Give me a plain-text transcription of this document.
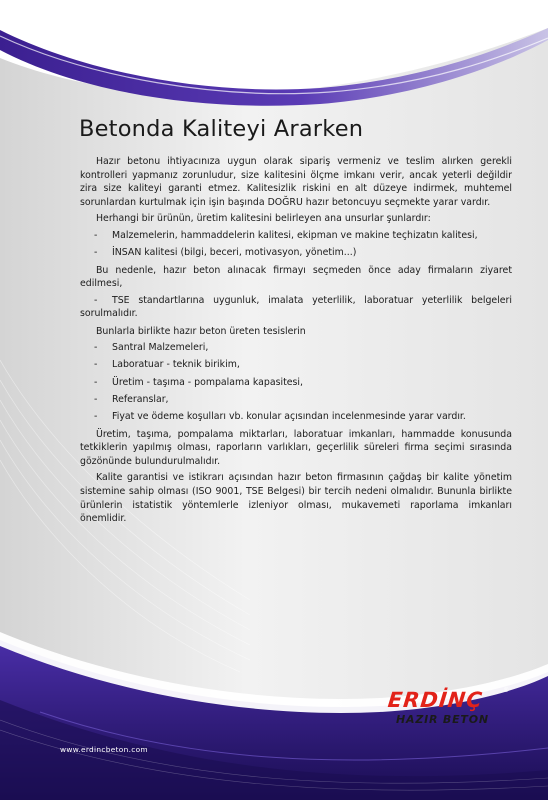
Betonda Kaliteyi Ararken

Hazır betonu ihtiyacınıza uygun olarak sipariş vermeniz ve teslim alırken gerekli kontrolleri yapmanız zorunludur, size kalitesini ölçme imkanı verir, ancak yeterli değildir zira size kaliteyi garanti etmez. Kalitesizlik riskini en alt düzeye indirmek, muhtemel sorunlardan kurtulmak için işin başında DOĞRU hazır betoncuyu seçmekte yarar vardır.

Herhangi bir ürünün, üretim kalitesini belirleyen ana unsurlar şunlardır:

- Malzemelerin, hammaddelerin kalitesi, ekipman ve makine teçhizatın kalitesi,
- İNSAN kalitesi (bilgi, beceri, motivasyon, yönetim...)

Bu nedenle, hazır beton alınacak firmayı seçmeden önce aday firmaların ziyaret edilmesi,

- TSE standartlarına uygunluk, imalata yeterlilik, laboratuar yeterlilik belgeleri sorulmalıdır.

Bunlarla birlikte hazır beton üreten tesislerin

- Santral Malzemeleri,
- Laboratuar - teknik birikim,
- Üretim - taşıma - pompalama kapasitesi,
- Referanslar,
- Fiyat ve ödeme koşulları vb. konular açısından incelenmesinde yarar vardır.

Üretim, taşıma, pompalama miktarları, laboratuar imkanları, hammadde konusunda tetkiklerin yapılmış olması, raporların varlıkları, geçerlilik süreleri firma seçimi sırasında gözönünde bulundurulmalıdır.

Kalite garantisi ve istikrarı açısından hazır beton firmasının çağdaş bir kalite yönetim sistemine sahip olması (ISO 9001, TSE Belgesi) bir tercih nedeni olmalıdır. Bununla birlikte ürünlerin istatistik yöntemlerle izleniyor olması, mukavemeti raporlama imkanları önemlidir.

ERDİNÇ	®
HAZIR BETON
www.erdincbeton.com
